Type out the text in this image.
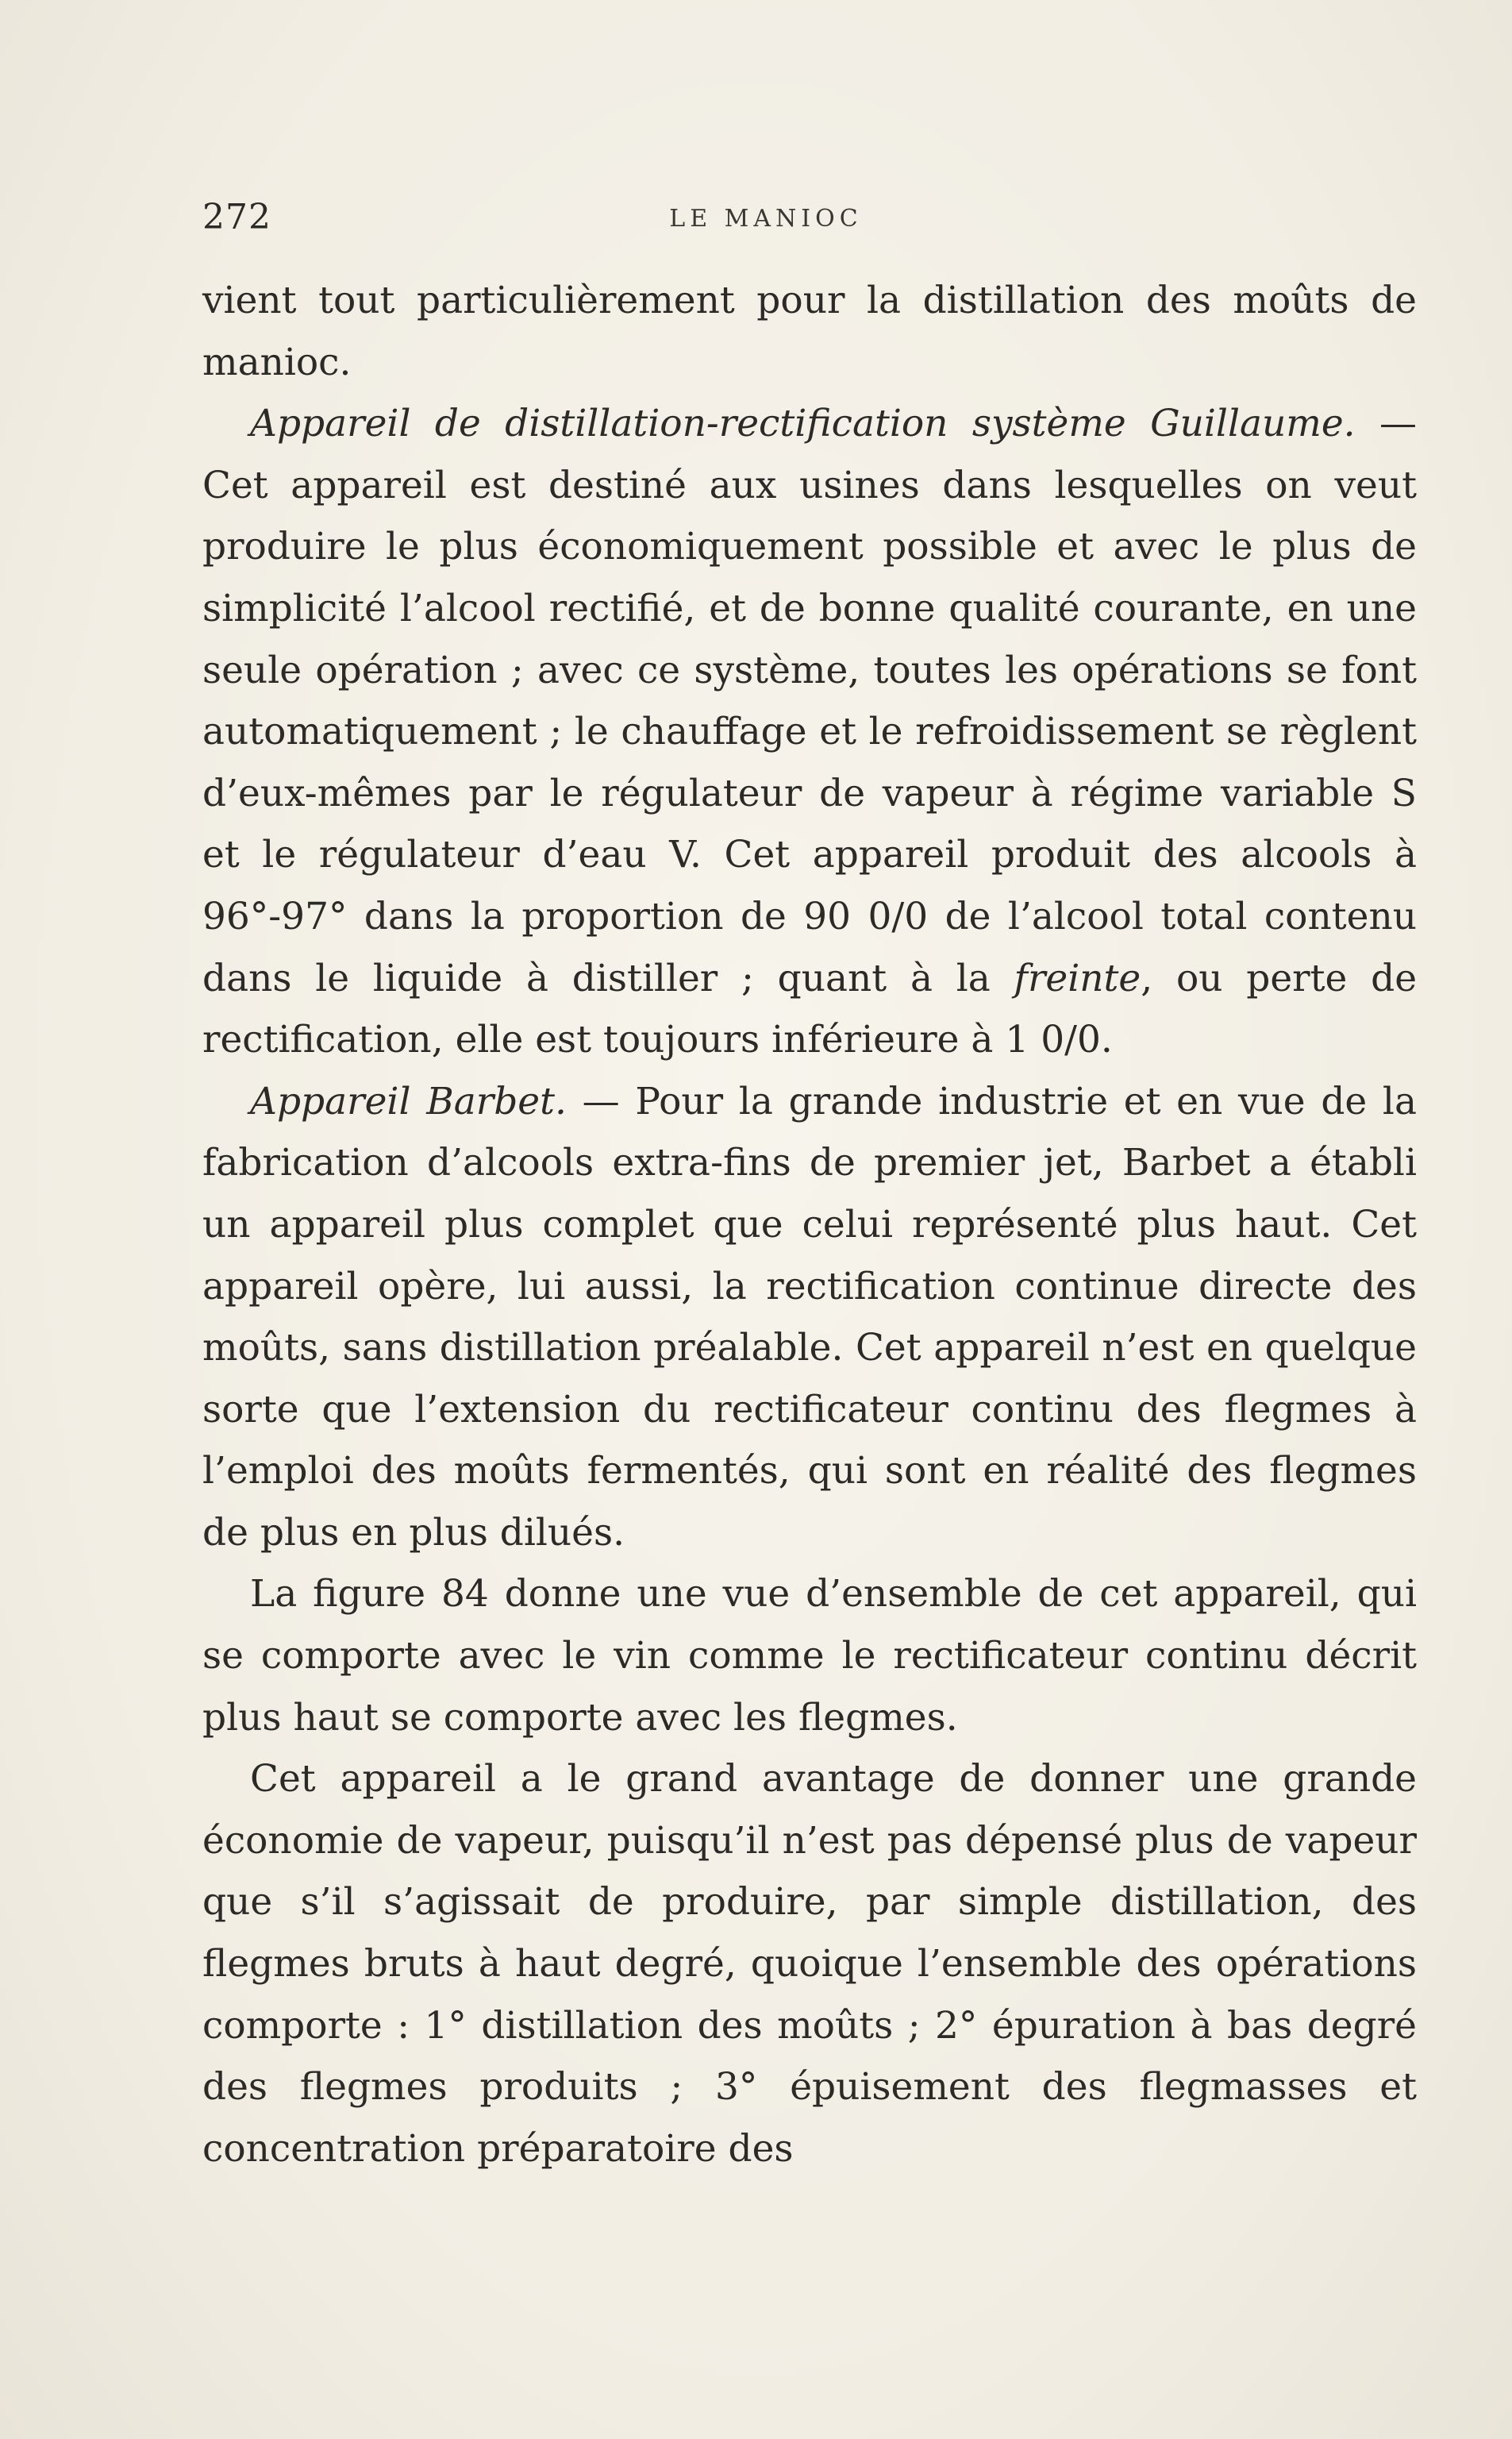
272	LE MANIOC

vient tout particulièrement pour la distillation des moûts de manioc.

Appareil de distillation-rectification système Guillaume. — Cet appareil est destiné aux usines dans lesquelles on veut produire le plus économiquement possible et avec le plus de simplicité l’alcool rectifié, et de bonne qualité courante, en une seule opération ; avec ce système, toutes les opérations se font automatiquement ; le chauffage et le refroidissement se règlent d’eux-mêmes par le régulateur de vapeur à régime variable S et le régulateur d’eau V. Cet appareil produit des alcools à 96°-97° dans la proportion de 90 0/0 de l’alcool total contenu dans le liquide à distiller ; quant à la freinte, ou perte de rectification, elle est toujours inférieure à 1 0/0.

Appareil Barbet. — Pour la grande industrie et en vue de la fabrication d’alcools extra-fins de premier jet, Barbet a établi un appareil plus complet que celui représenté plus haut. Cet appareil opère, lui aussi, la rectification continue directe des moûts, sans distillation préalable. Cet appareil n’est en quelque sorte que l’extension du rectificateur continu des flegmes à l’emploi des moûts fermentés, qui sont en réalité des flegmes de plus en plus dilués.

La figure 84 donne une vue d’ensemble de cet appareil, qui se comporte avec le vin comme le rectificateur continu décrit plus haut se comporte avec les flegmes.

Cet appareil a le grand avantage de donner une grande économie de vapeur, puisqu’il n’est pas dépensé plus de vapeur que s’il s’agissait de produire, par simple distillation, des flegmes bruts à haut degré, quoique l’ensemble des opérations comporte : 1° distillation des moûts ; 2° épuration à bas degré des flegmes produits ; 3° épuisement des flegmasses et concentration préparatoire des
